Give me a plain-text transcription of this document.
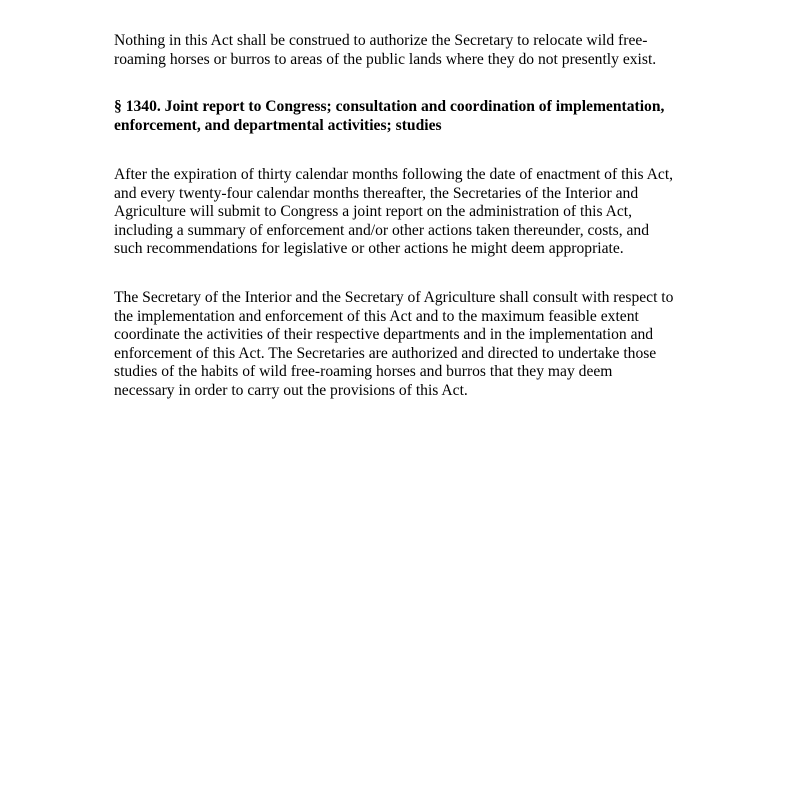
Nothing in this Act shall be construed to authorize the Secretary to relocate wild free-
roaming horses or burros to areas of the public lands where they do not presently exist.

§ 1340. Joint report to Congress; consultation and coordination of implementation,
enforcement, and departmental activities; studies

After the expiration of thirty calendar months following the date of enactment of this Act,
and every twenty-four calendar months thereafter, the Secretaries of the Interior and
Agriculture will submit to Congress a joint report on the administration of this Act,
including a summary of enforcement and/or other actions taken thereunder, costs, and
such recommendations for legislative or other actions he might deem appropriate.

The Secretary of the Interior and the Secretary of Agriculture shall consult with respect to
the implementation and enforcement of this Act and to the maximum feasible extent
coordinate the activities of their respective departments and in the implementation and
enforcement of this Act. The Secretaries are authorized and directed to undertake those
studies of the habits of wild free-roaming horses and burros that they may deem
necessary in order to carry out the provisions of this Act.
